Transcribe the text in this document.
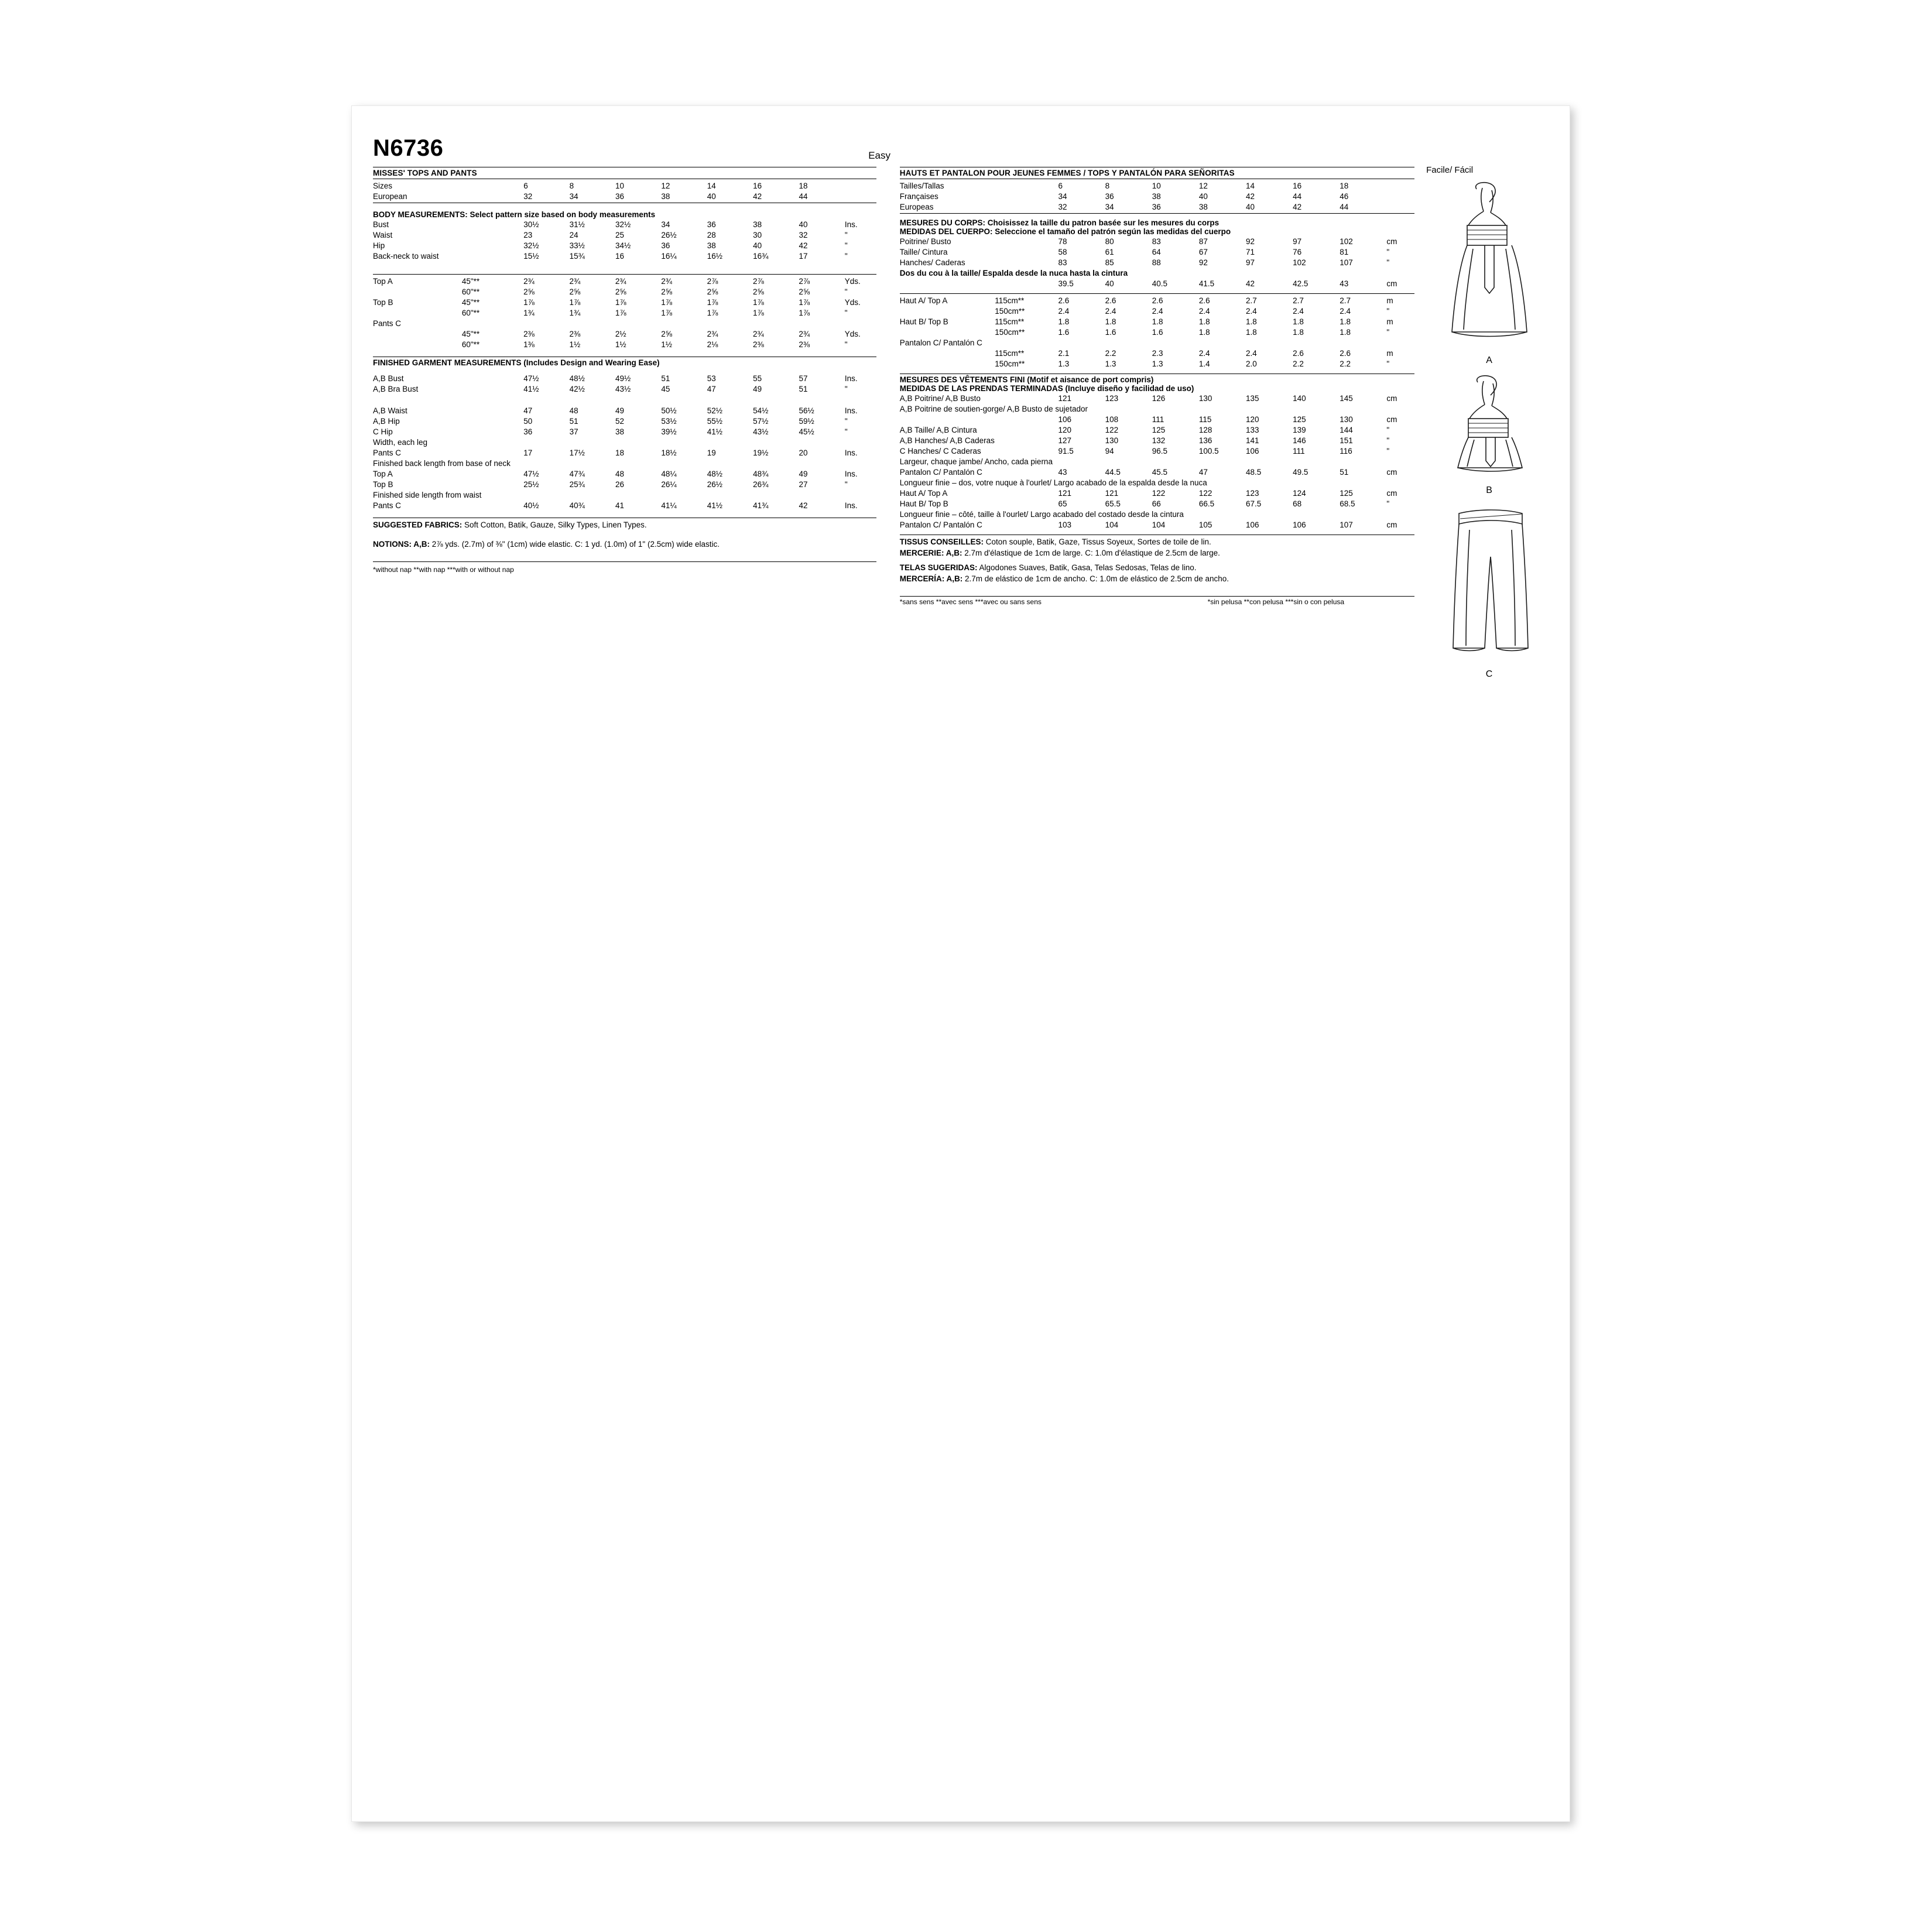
N6736	Easy
MISSES' TOPS AND PANTS
Sizes	6	8	10	12	14	16	18	
European	32	34	36	38	40	42	44	
BODY MEASUREMENTS: Select pattern size based on body measurements
Bust	30½	31½	32½	34	36	38	40	Ins.
Waist	23	24	25	26½	28	30	32	"
Hip	32½	33½	34½	36	38	40	42	"
Back-neck to waist	15½	15¾	16	16¼	16½	16¾	17	"
Top A	45"**	2¾	2¾	2¾	2¾	2⅞	2⅞	2⅞	Yds.
	60"**	2⅝	2⅝	2⅝	2⅝	2⅝	2⅝	2⅝	"
Top B	45"**	1⅞	1⅞	1⅞	1⅞	1⅞	1⅞	1⅞	Yds.
	60"**	1¾	1¾	1⅞	1⅞	1⅞	1⅞	1⅞	"
Pants C									
	45"**	2⅜	2⅜	2½	2⅝	2¾	2¾	2¾	Yds.
	60"**	1⅜	1½	1½	1½	2⅛	2⅜	2⅜	"
FINISHED GARMENT MEASUREMENTS (Includes Design and Wearing Ease)
A,B Bust	47½	48½	49½	51	53	55	57	Ins.
A,B Bra Bust	41½	42½	43½	45	47	49	51	"

A,B Waist	47	48	49	50½	52½	54½	56½	Ins.
A,B Hip	50	51	52	53½	55½	57½	59½	"
C Hip	36	37	38	39½	41½	43½	45½	"
Width, each leg								
Pants C	17	17½	18	18½	19	19½	20	Ins.
Finished back length from base of neck								
Top A	47½	47¾	48	48¼	48½	48¾	49	Ins.
Top B	25½	25¾	26	26¼	26½	26¾	27	"
Finished side length from waist								
Pants C	40½	40¾	41	41¼	41½	41¾	42	Ins.
SUGGESTED FABRICS: Soft Cotton, Batik, Gauze, Silky Types, Linen Types.
NOTIONS: A,B: 2⅞ yds. (2.7m) of ⅜" (1cm) wide elastic. C: 1 yd. (1.0m) of 1" (2.5cm) wide elastic.
*without nap **with nap ***with or without nap
HAUTS ET PANTALON POUR JEUNES FEMMES / TOPS Y PANTALÓN PARA SEÑORITAS
Tailles/Tallas	6	8	10	12	14	16	18	
Françaises	34	36	38	40	42	44	46	
Europeas	32	34	36	38	40	42	44	
MESURES DU CORPS: Choisissez la taille du patron basée sur les mesures du corps
MEDIDAS DEL CUERPO: Seleccione el tamaño del patrón según las medidas del cuerpo
Poitrine/ Busto	78	80	83	87	92	97	102	cm
Taille/ Cintura	58	61	64	67	71	76	81	"
Hanches/ Caderas	83	85	88	92	97	102	107	"
Dos du cou à la taille/ Espalda desde la nuca hasta la cintura								
	39.5	40	40.5	41.5	42	42.5	43	cm
Haut A/ Top A	115cm**	2.6	2.6	2.6	2.6	2.7	2.7	2.7	m
	150cm**	2.4	2.4	2.4	2.4	2.4	2.4	2.4	"
Haut B/ Top B	115cm**	1.8	1.8	1.8	1.8	1.8	1.8	1.8	m
	150cm**	1.6	1.6	1.6	1.8	1.8	1.8	1.8	"
Pantalon C/ Pantalón C									
	115cm**	2.1	2.2	2.3	2.4	2.4	2.6	2.6	m
	150cm**	1.3	1.3	1.3	1.4	2.0	2.2	2.2	"
MESURES DES VÊTEMENTS FINI (Motif et aisance de port compris)
MEDIDAS DE LAS PRENDAS TERMINADAS (Incluye diseño y facilidad de uso)
A,B Poitrine/ A,B Busto	121	123	126	130	135	140	145	cm
A,B Poitrine de soutien-gorge/ A,B Busto de sujetador								
	106	108	111	115	120	125	130	cm
A,B Taille/ A,B Cintura	120	122	125	128	133	139	144	"
A,B Hanches/ A,B Caderas	127	130	132	136	141	146	151	"
C Hanches/ C Caderas	91.5	94	96.5	100.5	106	111	116	"
Largeur, chaque jambe/ Ancho, cada pierna								
Pantalon C/ Pantalón C	43	44.5	45.5	47	48.5	49.5	51	cm
Longueur finie – dos, votre nuque à l'ourlet/ Largo acabado de la espalda desde la nuca								
Haut A/ Top A	121	121	122	122	123	124	125	cm
Haut B/ Top B	65	65.5	66	66.5	67.5	68	68.5	"
Longueur finie – côté, taille à l'ourlet/ Largo acabado del costado desde la cintura								
Pantalon C/ Pantalón C	103	104	104	105	106	106	107	cm
TISSUS CONSEILLES: Coton souple, Batik, Gaze, Tissus Soyeux, Sortes de toile de lin.
MERCERIE: A,B: 2.7m d'élastique de 1cm de large. C: 1.0m d'élastique de 2.5cm de large.
TELAS SUGERIDAS: Algodones Suaves, Batik, Gasa, Telas Sedosas, Telas de lino.
MERCERÍA: A,B: 2.7m de elástico de 1cm de ancho. C: 1.0m de elástico de 2.5cm de ancho.
*sans sens **avec sens ***avec ou sans sens	*sin pelusa **con pelusa ***sin o con pelusa
Facile/ Fácil
A
B
C
